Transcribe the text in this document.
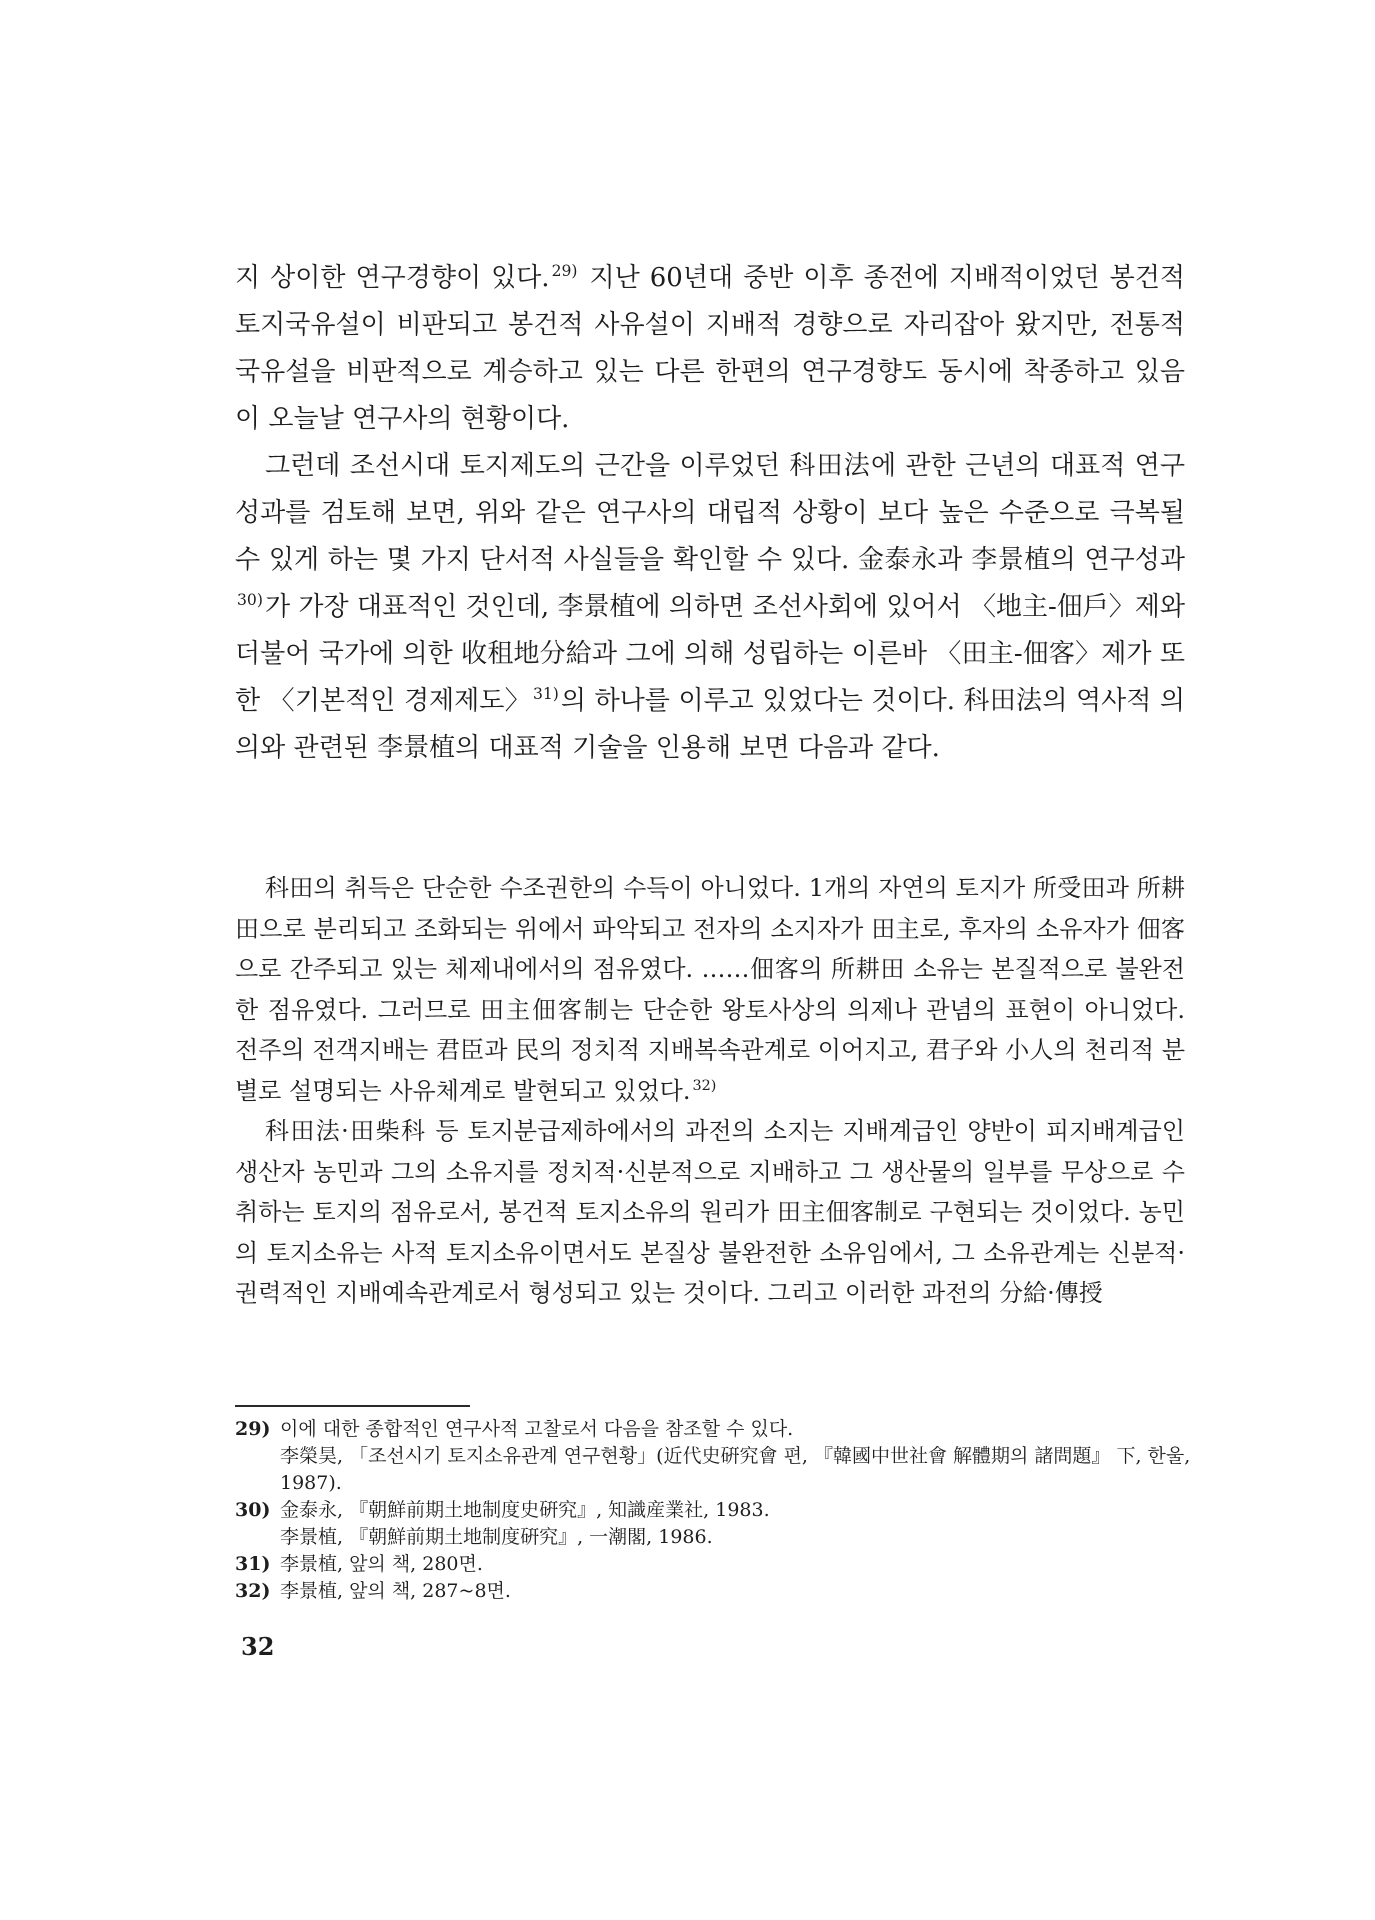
지 상이한 연구경향이 있다. $^{29)}$ 지난 60년대 중반 이후 종전에 지배적이었던 봉건적 토지국유설이 비판되고 봉건적 사유설이 지배적 경향으로 자리잡아 왔지만, 전통적 국유설을 비판적으로 계승하고 있는 다른 한편의 연구경향도 동시에 착종하고 있음이 오늘날 연구사의 현황이다.

그런데 조선시대 토지제도의 근간을 이루었던 科田法에 관한 근년의 대표적 연구성과를 검토해 보면, 위와 같은 연구사의 대립적 상황이 보다 높은 수준으로 극복될 수 있게 하는 몇 가지 단서적 사실들을 확인할 수 있다. 金泰永과 李景植의 연구성과$^{30)}$가 가장 대표적인 것인데, 李景植에 의하면 조선사회에 있어서 〈地主-佃戶〉제와 더불어 국가에 의한 收租地分給과 그에 의해 성립하는 이른바 〈田主-佃客〉제가 또한 〈기본적인 경제제도〉 $^{31)}$의 하나를 이루고 있었다는 것이다. 科田法의 역사적 의의와 관련된 李景植의 대표적 기술을 인용해 보면 다음과 같다.

科田의 취득은 단순한 수조권한의 수득이 아니었다. 1개의 자연의 토지가 所受田과 所耕田으로 분리되고 조화되는 위에서 파악되고 전자의 소지자가 田主로, 후자의 소유자가 佃客으로 간주되고 있는 체제내에서의 점유였다. ……佃客의 所耕田 소유는 본질적으로 불완전한 점유였다. 그러므로 田主佃客制는 단순한 왕토사상의 의제나 관념의 표현이 아니었다. 전주의 전객지배는 君臣과 民의 정치적 지배복속관계로 이어지고, 君子와 小人의 천리적 분별로 설명되는 사유체계로 발현되고 있었다. $^{32)}$

科田法·田柴科 등 토지분급제하에서의 과전의 소지는 지배계급인 양반이 피지배계급인 생산자 농민과 그의 소유지를 정치적·신분적으로 지배하고 그 생산물의 일부를 무상으로 수취하는 토지의 점유로서, 봉건적 토지소유의 원리가 田主佃客制로 구현되는 것이었다. 농민의 토지소유는 사적 토지소유이면서도 본질상 불완전한 소유임에서, 그 소유관계는 신분적·권력적인 지배예속관계로서 형성되고 있는 것이다. 그리고 이러한 과전의 分給·傳授

29) 이에 대한 종합적인 연구사적 고찰로서 다음을 참조할 수 있다.
李榮昊, 「조선시기 토지소유관계 연구현황」(近代史硏究會 편, 『韓國中世社會 解體期의 諸問題』 下, 한울, 1987).
30) 金泰永, 『朝鮮前期土地制度史硏究』, 知識産業社, 1983.
李景植, 『朝鮮前期土地制度硏究』, 一潮閣, 1986.
31) 李景植, 앞의 책, 280면.
32) 李景植, 앞의 책, 287~8면.
32
